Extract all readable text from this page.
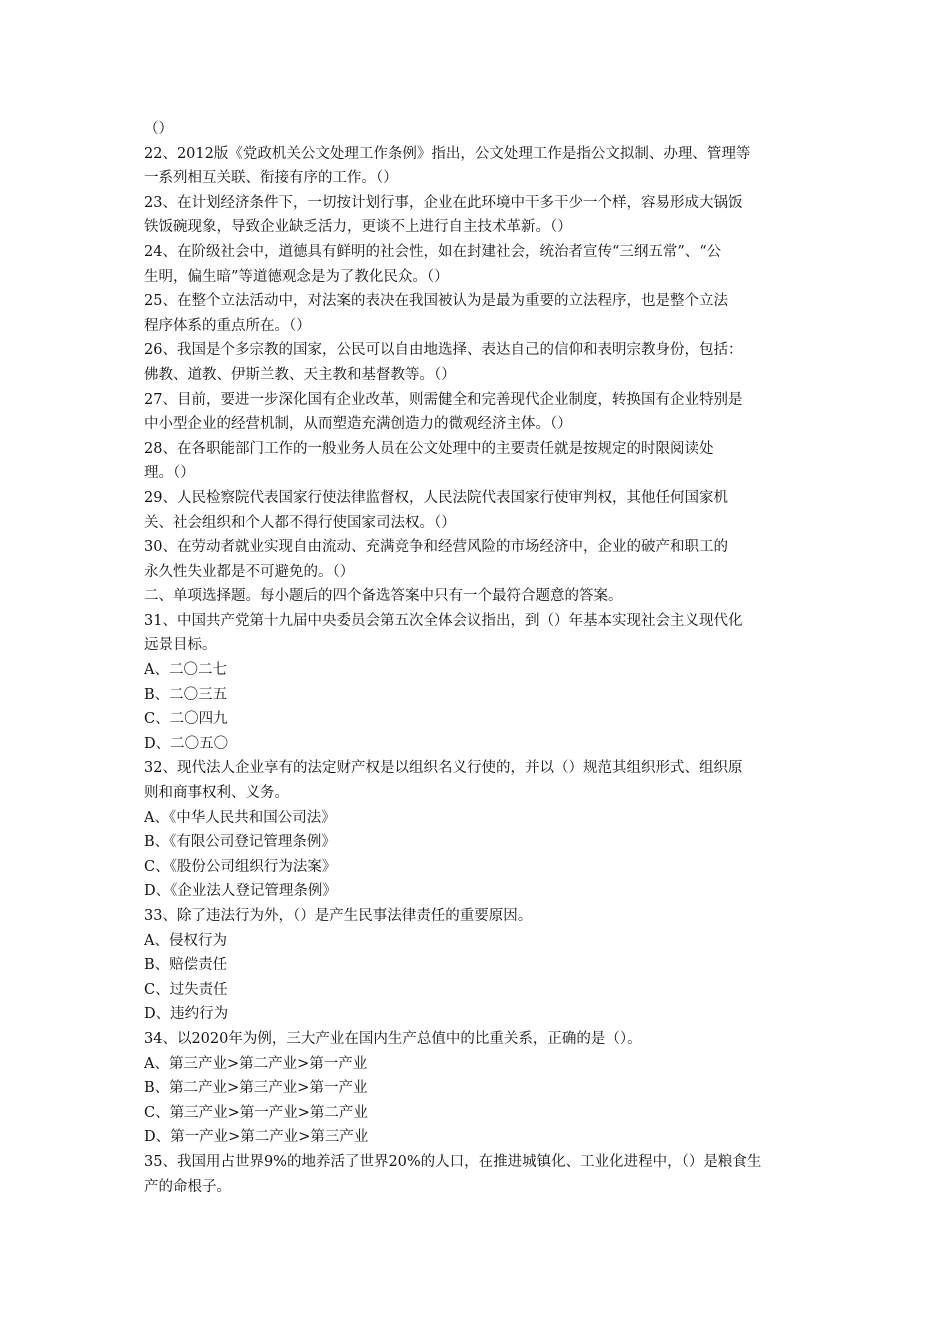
（）
22、2012版《党政机关公文处理工作条例》指出，公文处理工作是指公文拟制、办理、管理等
一系列相互关联、衔接有序的工作。（）
23、在计划经济条件下，一切按计划行事，企业在此环境中干多干少一个样，容易形成大锅饭
铁饭碗现象，导致企业缺乏活力，更谈不上进行自主技术革新。（）
24、在阶级社会中，道德具有鲜明的社会性，如在封建社会，统治者宣传“三纲五常”、“公
生明，偏生暗”等道德观念是为了教化民众。（）
25、在整个立法活动中，对法案的表决在我国被认为是最为重要的立法程序，也是整个立法
程序体系的重点所在。（）
26、我国是个多宗教的国家，公民可以自由地选择、表达自己的信仰和表明宗教身份，包括：
佛教、道教、伊斯兰教、天主教和基督教等。（）
27、目前，要进一步深化国有企业改革，则需健全和完善现代企业制度，转换国有企业特别是
中小型企业的经营机制，从而塑造充满创造力的微观经济主体。（）
28、在各职能部门工作的一般业务人员在公文处理中的主要责任就是按规定的时限阅读处
理。（）
29、人民检察院代表国家行使法律监督权，人民法院代表国家行使审判权，其他任何国家机
关、社会组织和个人都不得行使国家司法权。（）
30、在劳动者就业实现自由流动、充满竞争和经营风险的市场经济中，企业的破产和职工的
永久性失业都是不可避免的。（）
二、单项选择题。每小题后的四个备选答案中只有一个最符合题意的答案。
31、中国共产党第十九届中央委员会第五次全体会议指出，到（）年基本实现社会主义现代化
远景目标。
A、二〇二七
B、二〇三五
C、二〇四九
D、二〇五〇
32、现代法人企业享有的法定财产权是以组织名义行使的，并以（）规范其组织形式、组织原
则和商事权利、义务。
A、《中华人民共和国公司法》
B、《有限公司登记管理条例》
C、《股份公司组织行为法案》
D、《企业法人登记管理条例》
33、除了违法行为外，（）是产生民事法律责任的重要原因。
A、侵权行为
B、赔偿责任
C、过失责任
D、违约行为
34、以2020年为例，三大产业在国内生产总值中的比重关系，正确的是（）。
A、第三产业>第二产业>第一产业
B、第二产业>第三产业>第一产业
C、第三产业>第一产业>第二产业
D、第一产业>第二产业>第三产业
35、我国用占世界9%的地养活了世界20%的人口，在推进城镇化、工业化进程中，（）是粮食生
产的命根子。
